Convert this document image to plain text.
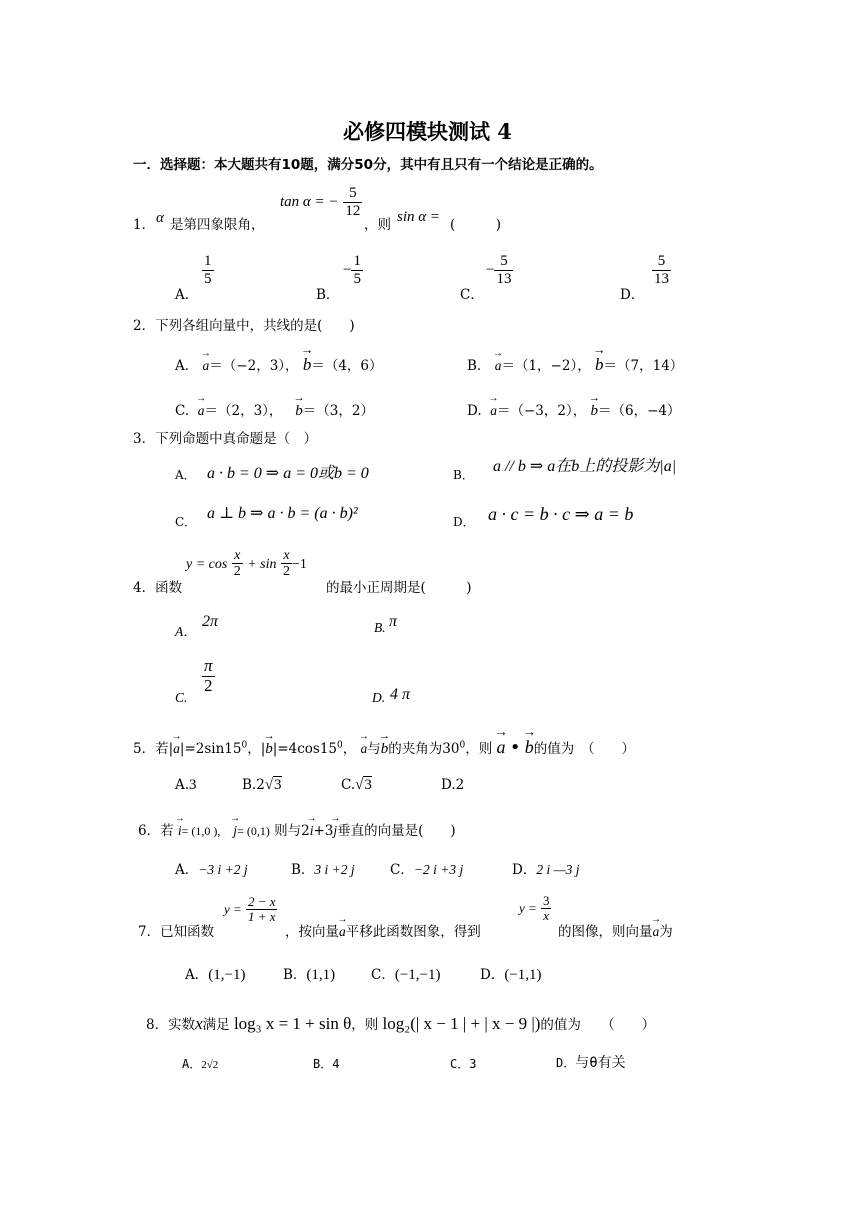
必修四模块测试 4
一．选择题：本大题共有10题，满分50分，其中有且只有一个结论是正确的。
1． α 是第四象限角，
tan α = − $\frac{5}{12}$
，则 sin α = (　　　)
A．
$\frac{1}{5}$
B．
− $\frac{1}{5}$
C．
− $\frac{5}{13}$
D．
$\frac{5}{13}$
2．下列各组向量中，共线的是(　　)
A． → a＝（−2，3）， → b＝（4，6）	B． → a＝（1，−2）， → b＝（7，14）
C. → a＝（2，3）， → b＝（3，2）	D. → a＝（−3，2）， → b＝（6，−4）
3．下列命题中真命题是（　）
A． a · b = 0 ⇒ a = 0或b = 0	B． a // b ⇒ a在b上的投影为|a|
C． a ⊥ b ⇒ a · b = (a · b)²	D． a · c = b · c ⇒ a = b
4．函数
$y = \cos \frac{x}{2} + \sin \frac{x}{2} -1$
的最小正周期是(　　　)
A．
2π	B. π
C.
$\frac{\pi}{2}$
D. 4 π
5．若|→ $a|=2\sin 15^0$，|→ $b|=4\cos 15^0$， → a与→ b的夹角为$30^0$，则 → a • → b的值为　（　　）
A.3	B.2√3	C.√3	D.2
6．若 → i= (1,0 ), → j= (0,1) 则与2→ i+3→ j垂直的向量是(　　)
A．−3 i +2 j	B．3 i +2 j	C．−2 i +3 j	D．2 i —3 j
7．已知函数
$y = \frac{2 - x}{1 + x}$
，按向量→ a平移此函数图象，得到
$y = \frac{3}{x}$
的图像，则向量→ a为
A．(1,−1)	B．(1,1)	C．(−1,−1)	D．(−1,1)
8．实数x满足 log₃ x = 1 + sin θ，则 log₂(| x − 1 | + | x − 9 |)的值为　　（　　）
A．2√2	B．4	C．3	D．与θ有关
